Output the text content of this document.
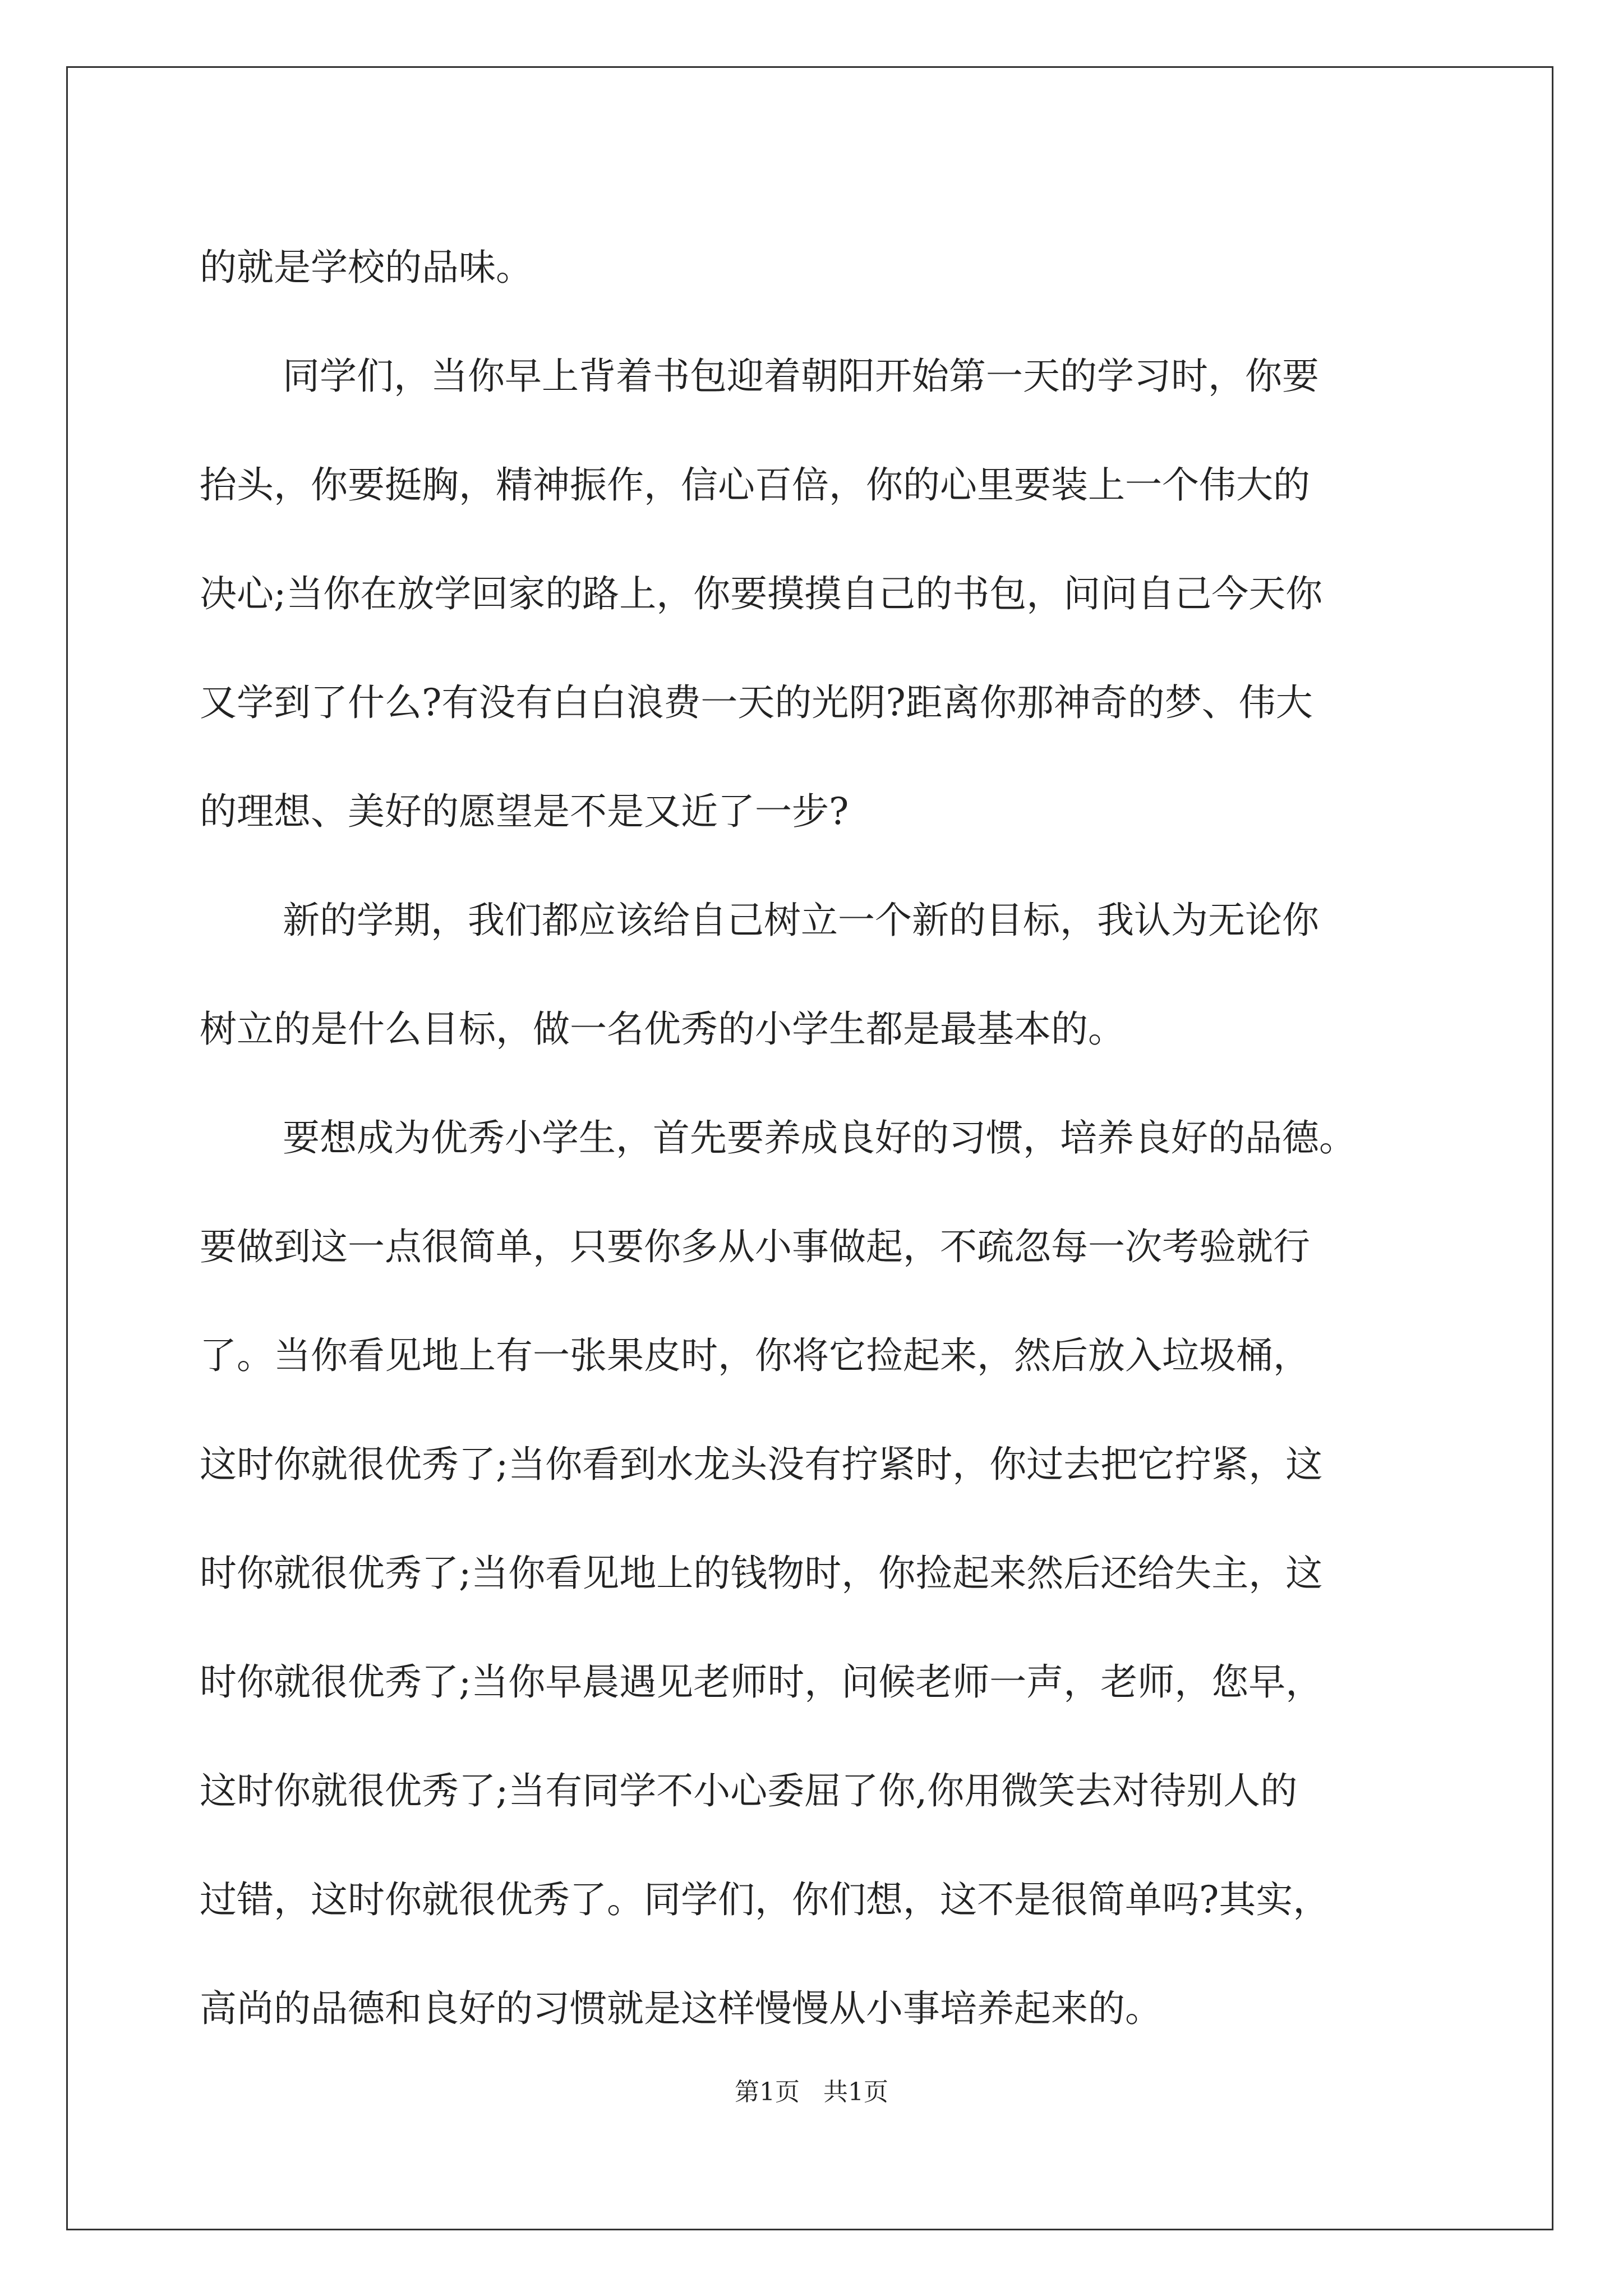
的就是学校的品味。
同学们，当你早上背着书包迎着朝阳开始第一天的学习时，你要
抬头，你要挺胸，精神振作，信心百倍，你的心里要装上一个伟大的
决心;当你在放学回家的路上，你要摸摸自己的书包，问问自己今天你
又学到了什么?有没有白白浪费一天的光阴?距离你那神奇的梦、伟大
的理想、美好的愿望是不是又近了一步?
新的学期，我们都应该给自己树立一个新的目标，我认为无论你
树立的是什么目标，做一名优秀的小学生都是最基本的。
要想成为优秀小学生，首先要养成良好的习惯，培养良好的品德。
要做到这一点很简单，只要你多从小事做起，不疏忽每一次考验就行
了。当你看见地上有一张果皮时，你将它捡起来，然后放入垃圾桶，
这时你就很优秀了;当你看到水龙头没有拧紧时，你过去把它拧紧，这
时你就很优秀了;当你看见地上的钱物时，你捡起来然后还给失主，这
时你就很优秀了;当你早晨遇见老师时，问候老师一声，老师，您早，
这时你就很优秀了;当有同学不小心委屈了你,你用微笑去对待别人的
过错，这时你就很优秀了。同学们，你们想，这不是很简单吗?其实，
高尚的品德和良好的习惯就是这样慢慢从小事培养起来的。
第1页 共1页
